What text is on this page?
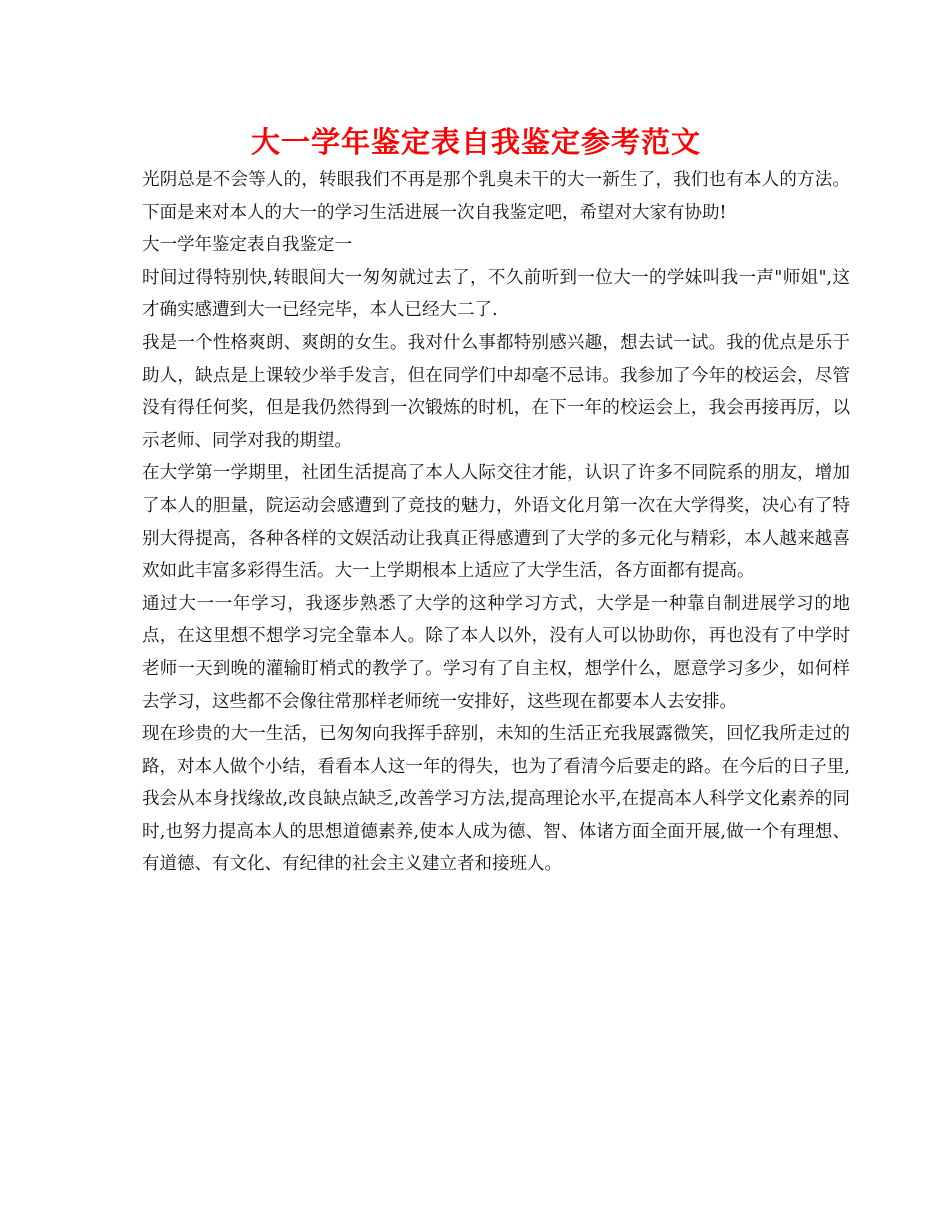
大一学年鉴定表自我鉴定参考范文

光阴总是不会等人的，转眼我们不再是那个乳臭未干的大一新生了，我们也有本人的方法。下面是来对本人的大一的学习生活进展一次自我鉴定吧，希望对大家有协助!

大一学年鉴定表自我鉴定一

时间过得特别快,转眼间大一匆匆就过去了，不久前听到一位大一的学妹叫我一声"师姐",这才确实感遭到大一已经完毕，本人已经大二了.

我是一个性格爽朗、爽朗的女生。我对什么事都特别感兴趣，想去试一试。我的优点是乐于助人，缺点是上课较少举手发言，但在同学们中却毫不忌讳。我参加了今年的校运会，尽管没有得任何奖，但是我仍然得到一次锻炼的时机，在下一年的校运会上，我会再接再厉，以示老师、同学对我的期望。

在大学第一学期里，社团生活提高了本人人际交往才能，认识了许多不同院系的朋友，增加了本人的胆量，院运动会感遭到了竞技的魅力，外语文化月第一次在大学得奖，决心有了特别大得提高，各种各样的文娱活动让我真正得感遭到了大学的多元化与精彩，本人越来越喜欢如此丰富多彩得生活。大一上学期根本上适应了大学生活，各方面都有提高。

通过大一一年学习，我逐步熟悉了大学的这种学习方式，大学是一种靠自制进展学习的地点，在这里想不想学习完全靠本人。除了本人以外，没有人可以协助你，再也没有了中学时老师一天到晚的灌输盯梢式的教学了。学习有了自主权，想学什么，愿意学习多少，如何样去学习，这些都不会像往常那样老师统一安排好，这些现在都要本人去安排。

现在珍贵的大一生活，已匆匆向我挥手辞别，未知的生活正充我展露微笑，回忆我所走过的路，对本人做个小结，看看本人这一年的得失，也为了看清今后要走的路。在今后的日子里,我会从本身找缘故,改良缺点缺乏,改善学习方法,提高理论水平,在提高本人科学文化素养的同时,也努力提高本人的思想道德素养,使本人成为德、智、体诸方面全面开展,做一个有理想、有道德、有文化、有纪律的社会主义建立者和接班人。
